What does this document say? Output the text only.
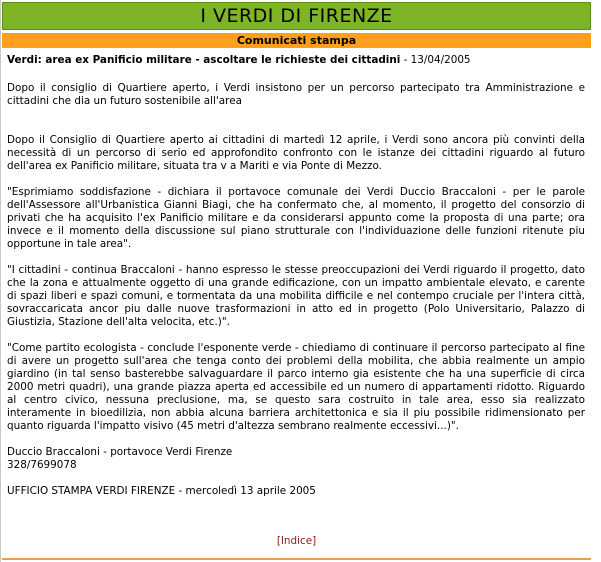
I VERDI DI FIRENZE
Comunicati stampa

Verdi: area ex Panificio militare - ascoltare le richieste dei cittadini - 13/04/2005

Dopo il consiglio di Quartiere aperto, i Verdi insistono per un percorso partecipato tra Amministrazione e cittadini che dia un futuro sostenibile all'area

Dopo il Consiglio di Quartiere aperto ai cittadini di martedì 12 aprile, i Verdi sono ancora più convinti della necessità di un percorso di serio ed approfondito confronto con le istanze dei cittadini riguardo al futuro dell'area ex Panificio militare, situata tra v a Mariti e via Ponte di Mezzo.

"Esprimiamo soddisfazione - dichiara il portavoce comunale dei Verdi Duccio Braccaloni - per le parole dell'Assessore all'Urbanistica Gianni Biagi, che ha confermato che, al momento, il progetto del consorzio di privati che ha acquisito l'ex Panificio militare e da considerarsi appunto come la proposta di una parte; ora invece e il momento della discussione sul piano strutturale con l'individuazione delle funzioni ritenute piu opportune in tale area".

"I cittadini - continua Braccaloni - hanno espresso le stesse preoccupazioni dei Verdi riguardo il progetto, dato che la zona e attualmente oggetto di una grande edificazione, con un impatto ambientale elevato, e carente di spazi liberi e spazi comuni, e tormentata da una mobilita difficile e nel contempo cruciale per l'intera città, sovraccaricata ancor piu dalle nuove trasformazioni in atto ed in progetto (Polo Universitario, Palazzo di Giustizia, Stazione dell'alta velocita, etc.)".

"Come partito ecologista - conclude l'esponente verde - chiediamo di continuare il percorso partecipato al fine di avere un progetto sull'area che tenga conto dei problemi della mobilita, che abbia realmente un ampio giardino (in tal senso basterebbe salvaguardare il parco interno gia esistente che ha una superficie di circa 2000 metri quadri), una grande piazza aperta ed accessibile ed un numero di appartamenti ridotto. Riguardo al centro civico, nessuna preclusione, ma, se questo sara costruito in tale area, esso sia realizzato interamente in bioedilizia, non abbia alcuna barriera architettonica e sia il piu possibile ridimensionato per quanto riguarda l'impatto visivo (45 metri d'altezza sembrano realmente eccessivi...)".

Duccio Braccaloni - portavoce Verdi Firenze

328/7699078

UFFICIO STAMPA VERDI FIRENZE - mercoledì 13 aprile 2005

[Indice]
